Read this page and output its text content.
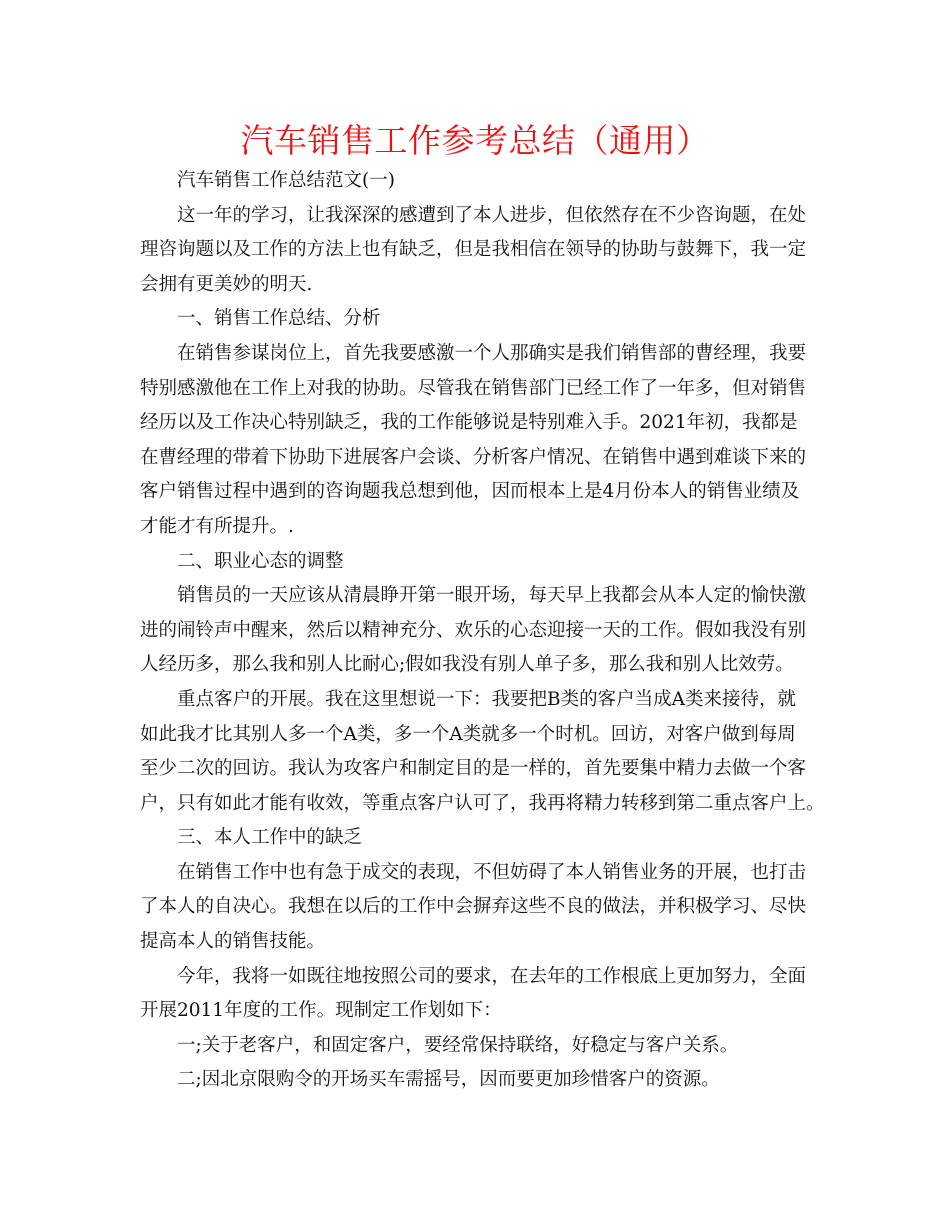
汽车销售工作参考总结（通用）
汽车销售工作总结范文(一)
这一年的学习，让我深深的感遭到了本人进步，但依然存在不少咨询题，在处
理咨询题以及工作的方法上也有缺乏，但是我相信在领导的协助与鼓舞下，我一定
会拥有更美妙的明天.
一、销售工作总结、分析
在销售参谋岗位上，首先我要感激一个人那确实是我们销售部的曹经理，我要
特别感激他在工作上对我的协助。尽管我在销售部门已经工作了一年多，但对销售
经历以及工作决心特别缺乏，我的工作能够说是特别难入手。2021年初，我都是
在曹经理的带着下协助下进展客户会谈、分析客户情况、在销售中遇到难谈下来的
客户销售过程中遇到的咨询题我总想到他，因而根本上是4月份本人的销售业绩及
才能才有所提升。.
二、职业心态的调整
销售员的一天应该从清晨睁开第一眼开场，每天早上我都会从本人定的愉快激
进的闹铃声中醒来，然后以精神充分、欢乐的心态迎接一天的工作。假如我没有别
人经历多，那么我和别人比耐心;假如我没有别人单子多，那么我和别人比效劳。
重点客户的开展。我在这里想说一下：我要把B类的客户当成A类来接待，就
如此我才比其别人多一个A类，多一个A类就多一个时机。回访，对客户做到每周
至少二次的回访。我认为攻客户和制定目的是一样的，首先要集中精力去做一个客
户，只有如此才能有收效，等重点客户认可了，我再将精力转移到第二重点客户上。
三、本人工作中的缺乏
在销售工作中也有急于成交的表现，不但妨碍了本人销售业务的开展，也打击
了本人的自决心。我想在以后的工作中会摒弃这些不良的做法，并积极学习、尽快
提高本人的销售技能。
今年，我将一如既往地按照公司的要求，在去年的工作根底上更加努力，全面
开展2011年度的工作。现制定工作划如下：
一;关于老客户，和固定客户，要经常保持联络，好稳定与客户关系。
二;因北京限购令的开场买车需摇号，因而要更加珍惜客户的资源。
